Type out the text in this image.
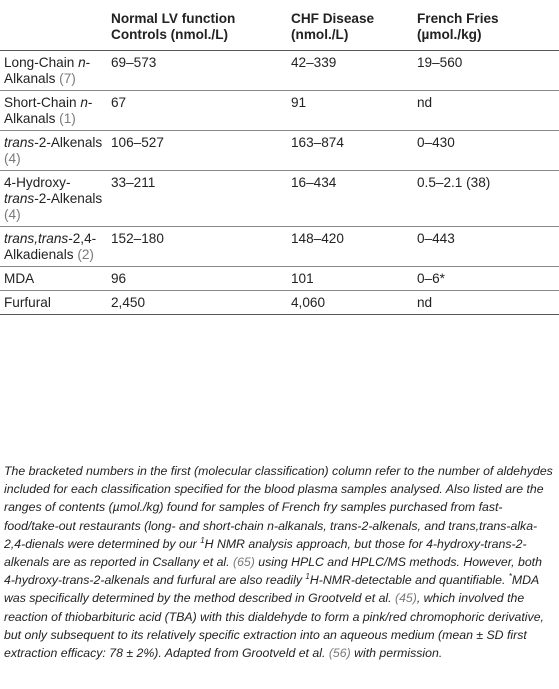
	Normal LV function Controls (nmol./L)	CHF Disease (nmol./L)	French Fries (µmol./kg)
Long-Chain n-Alkanals (7)	69–573	42–339	19–560
Short-Chain n-Alkanals (1)	67	91	nd
trans-2-Alkenals (4)	106–527	163–874	0–430
4-Hydroxy-trans-2-Alkenals (4)	33–211	16–434	0.5–2.1 (38)
trans,trans-2,4-Alkadienals (2)	152–180	148–420	0–443
MDA	96	101	0–6*
Furfural	2,450	4,060	nd

The bracketed numbers in the first (molecular classification) column refer to the number of aldehydes included for each classification specified for the blood plasma samples analysed. Also listed are the ranges of contents (µmol./kg) found for samples of French fry samples purchased from fast-food/take-out restaurants (long- and short-chain n-alkanals, trans-2-alkenals, and trans,trans-alka-2,4-dienals were determined by our $^1$H NMR analysis approach, but those for 4-hydroxy-trans-2-alkenals are as reported in Csallany et al. (65) using HPLC and HPLC/MS methods. However, both 4-hydroxy-trans-2-alkenals and furfural are also readily $^1$H-NMR-detectable and quantifiable. *MDA was specifically determined by the method described in Grootveld et al. (45), which involved the reaction of thiobarbituric acid (TBA) with this dialdehyde to form a pink/red chromophoric derivative, but only subsequent to its relatively specific extraction into an aqueous medium (mean ± SD first extraction efficacy: 78 ± 2%). Adapted from Grootveld et al. (56) with permission.
